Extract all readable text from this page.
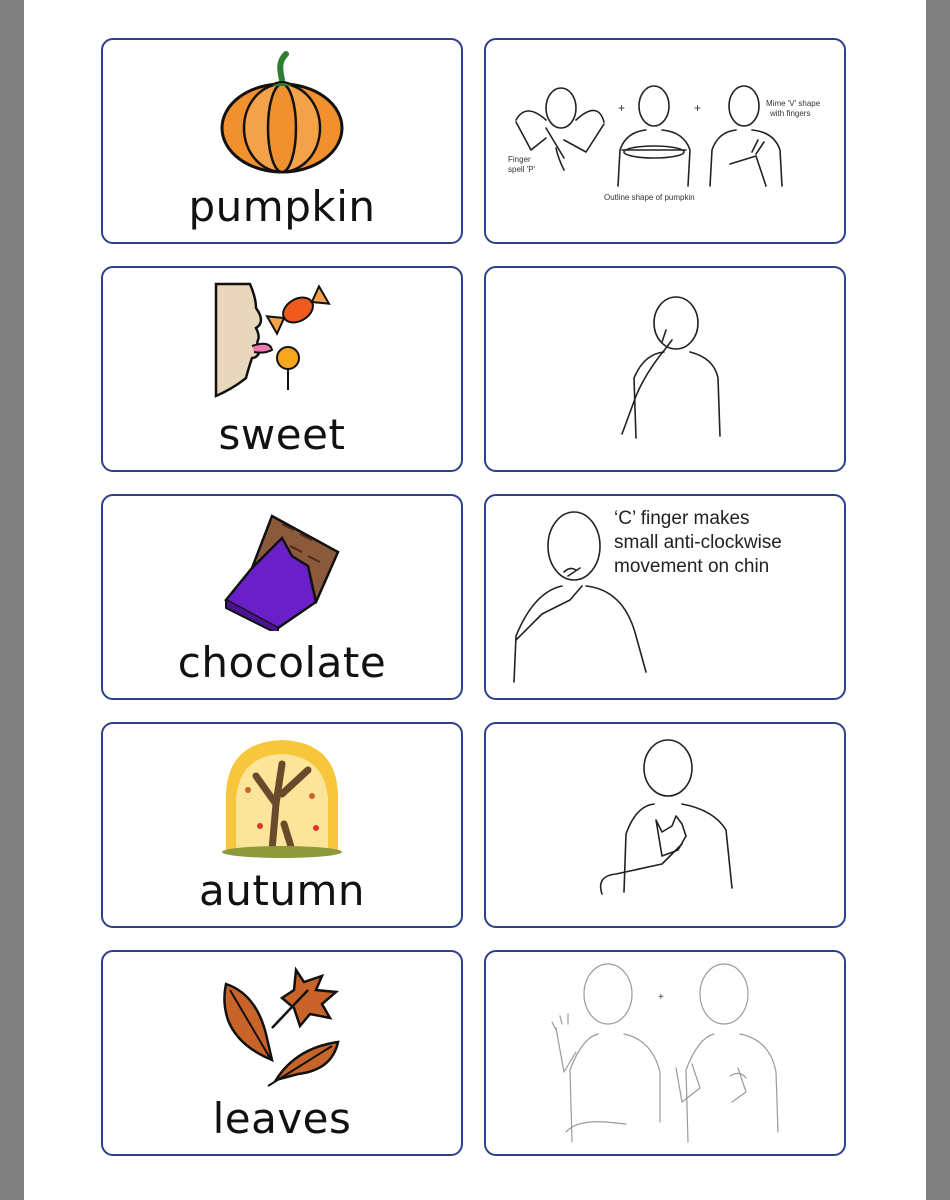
pumpkin
Finger
spell 'P'
+
Outline shape of pumpkin
+	Mime 'V' shape
with fingers
sweet
chocolate
‘C’ finger makes
small anti-clockwise
movement on chin
autumn
leaves
+
